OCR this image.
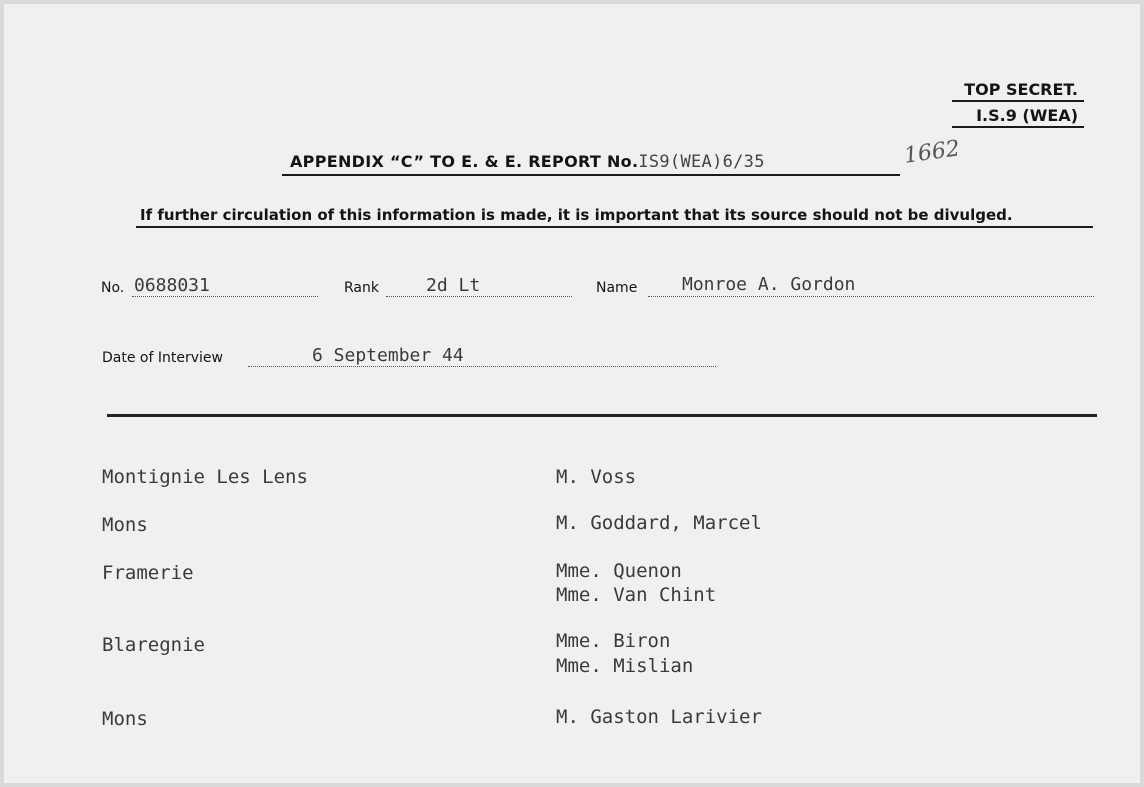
TOP SECRET.
I.S.9 (WEA)
APPENDIX “C” TO E. & E. REPORT No.IS9(WEA)6/35	1662
If further circulation of this information is made, it is important that its source should not be divulged.
No. 0688031	Rank	2d Lt	Name Monroe A. Gordon
Date of Interview	6 September 44
Montignie Les Lens	M. Voss
Mons	M. Goddard, Marcel
Framerie	Mme. Quenon
Mme. Van Chint
Blaregnie	Mme. Biron
Mme. Mislian
Mons	M. Gaston Larivier
